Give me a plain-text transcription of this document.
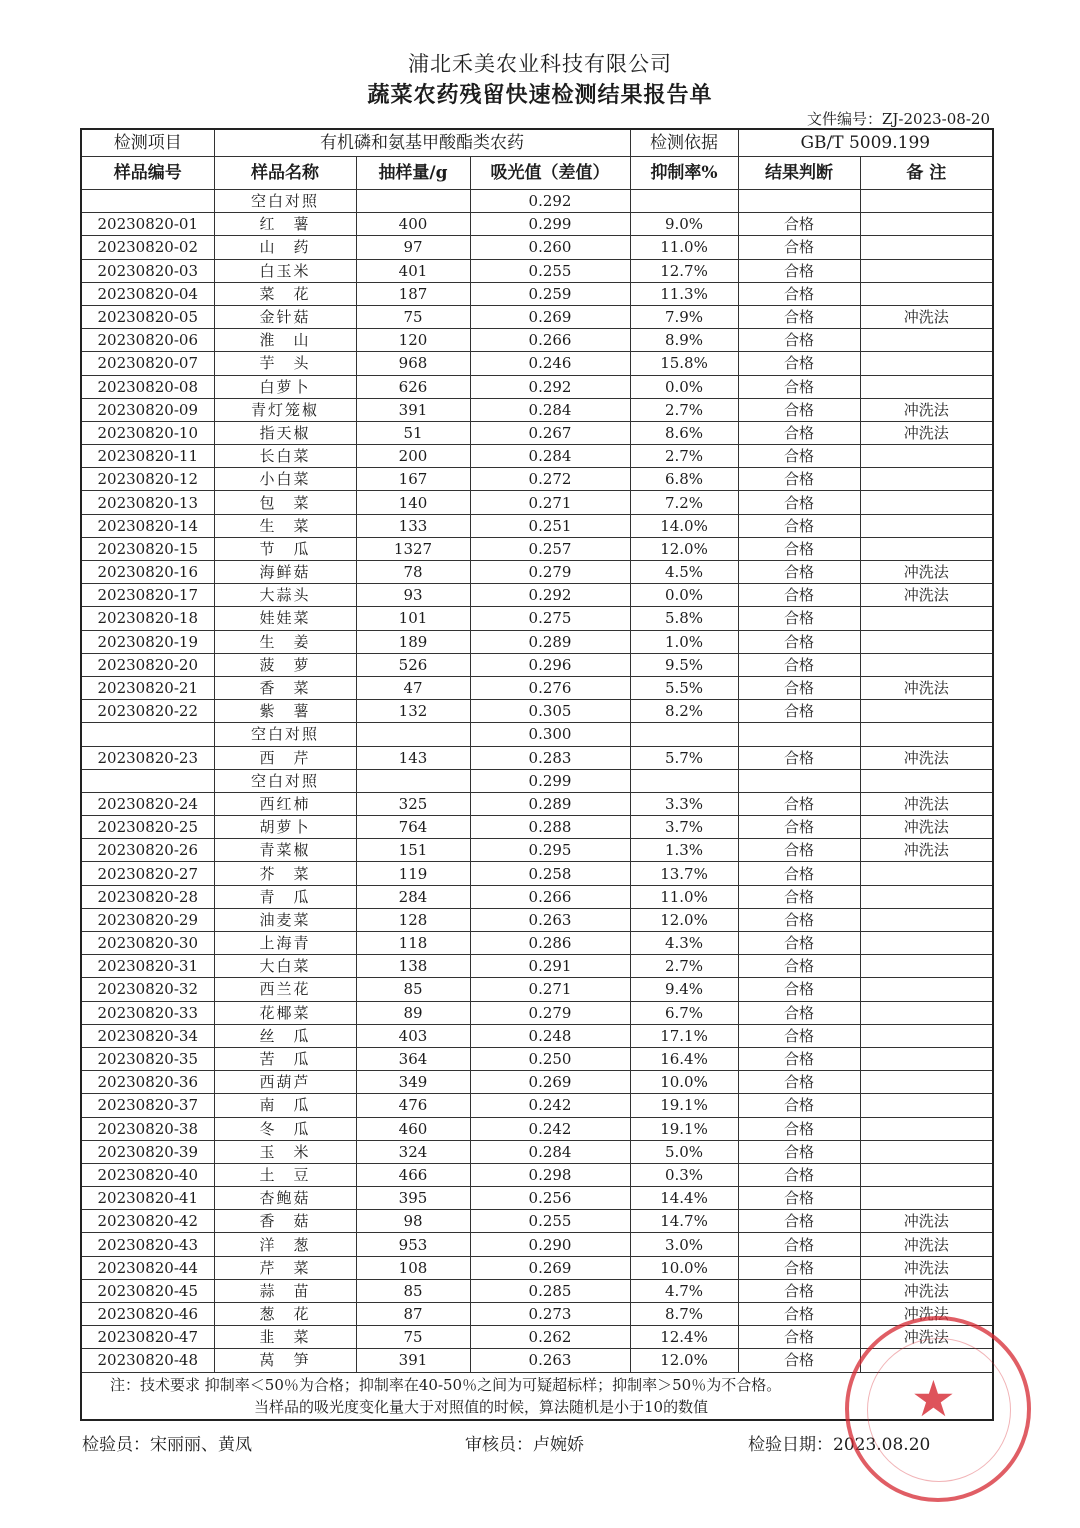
浦北禾美农业科技有限公司
蔬菜农药残留快速检测结果报告单
文件编号：ZJ-2023-08-20
检测项目	有机磷和氨基甲酸酯类农药			检测依据	GB/T 5009.199	
样品编号	样品名称	抽样量/g	吸光值（差值）	抑制率%	结果判断	备 注
	空白对照		0.292			
20230820-01	红　薯	400	0.299	9.0%	合格	
20230820-02	山　药	97	0.260	11.0%	合格	
20230820-03	白玉米	401	0.255	12.7%	合格	
20230820-04	菜　花	187	0.259	11.3%	合格	
20230820-05	金针菇	75	0.269	7.9%	合格	冲洗法
20230820-06	淮　山	120	0.266	8.9%	合格	
20230820-07	芋　头	968	0.246	15.8%	合格	
20230820-08	白萝卜	626	0.292	0.0%	合格	
20230820-09	青灯笼椒	391	0.284	2.7%	合格	冲洗法
20230820-10	指天椒	51	0.267	8.6%	合格	冲洗法
20230820-11	长白菜	200	0.284	2.7%	合格	
20230820-12	小白菜	167	0.272	6.8%	合格	
20230820-13	包　菜	140	0.271	7.2%	合格	
20230820-14	生　菜	133	0.251	14.0%	合格	
20230820-15	节　瓜	1327	0.257	12.0%	合格	
20230820-16	海鲜菇	78	0.279	4.5%	合格	冲洗法
20230820-17	大蒜头	93	0.292	0.0%	合格	冲洗法
20230820-18	娃娃菜	101	0.275	5.8%	合格	
20230820-19	生　姜	189	0.289	1.0%	合格	
20230820-20	菠　萝	526	0.296	9.5%	合格	
20230820-21	香　菜	47	0.276	5.5%	合格	冲洗法
20230820-22	紫　薯	132	0.305	8.2%	合格	
	空白对照		0.300			
20230820-23	西　芹	143	0.283	5.7%	合格	冲洗法
	空白对照		0.299			
20230820-24	西红柿	325	0.289	3.3%	合格	冲洗法
20230820-25	胡萝卜	764	0.288	3.7%	合格	冲洗法
20230820-26	青菜椒	151	0.295	1.3%	合格	冲洗法
20230820-27	芥　菜	119	0.258	13.7%	合格	
20230820-28	青　瓜	284	0.266	11.0%	合格	
20230820-29	油麦菜	128	0.263	12.0%	合格	
20230820-30	上海青	118	0.286	4.3%	合格	
20230820-31	大白菜	138	0.291	2.7%	合格	
20230820-32	西兰花	85	0.271	9.4%	合格	
20230820-33	花椰菜	89	0.279	6.7%	合格	
20230820-34	丝　瓜	403	0.248	17.1%	合格	
20230820-35	苦　瓜	364	0.250	16.4%	合格	
20230820-36	西葫芦	349	0.269	10.0%	合格	
20230820-37	南　瓜	476	0.242	19.1%	合格	
20230820-38	冬　瓜	460	0.242	19.1%	合格	
20230820-39	玉　米	324	0.284	5.0%	合格	
20230820-40	土　豆	466	0.298	0.3%	合格	
20230820-41	杏鲍菇	395	0.256	14.4%	合格	
20230820-42	香　菇	98	0.255	14.7%	合格	冲洗法
20230820-43	洋　葱	953	0.290	3.0%	合格	冲洗法
20230820-44	芹　菜	108	0.269	10.0%	合格	冲洗法
20230820-45	蒜　苗	85	0.285	4.7%	合格	冲洗法
20230820-46	葱　花	87	0.273	8.7%	合格	冲洗法
20230820-47	韭　菜	75	0.262	12.4%	合格	冲洗法
20230820-48	莴　笋	391	0.263	12.0%	合格	

注：技术要求 抑制率＜50％为合格；抑制率在40-50％之间为可疑超标样；抑制率＞50％为不合格。
当样品的吸光度变化量大于对照值的时候，算法随机是小于10的数值						
检验员：宋丽丽、黄凤	审核员：卢婉娇	检验日期：2023.08.20
★
